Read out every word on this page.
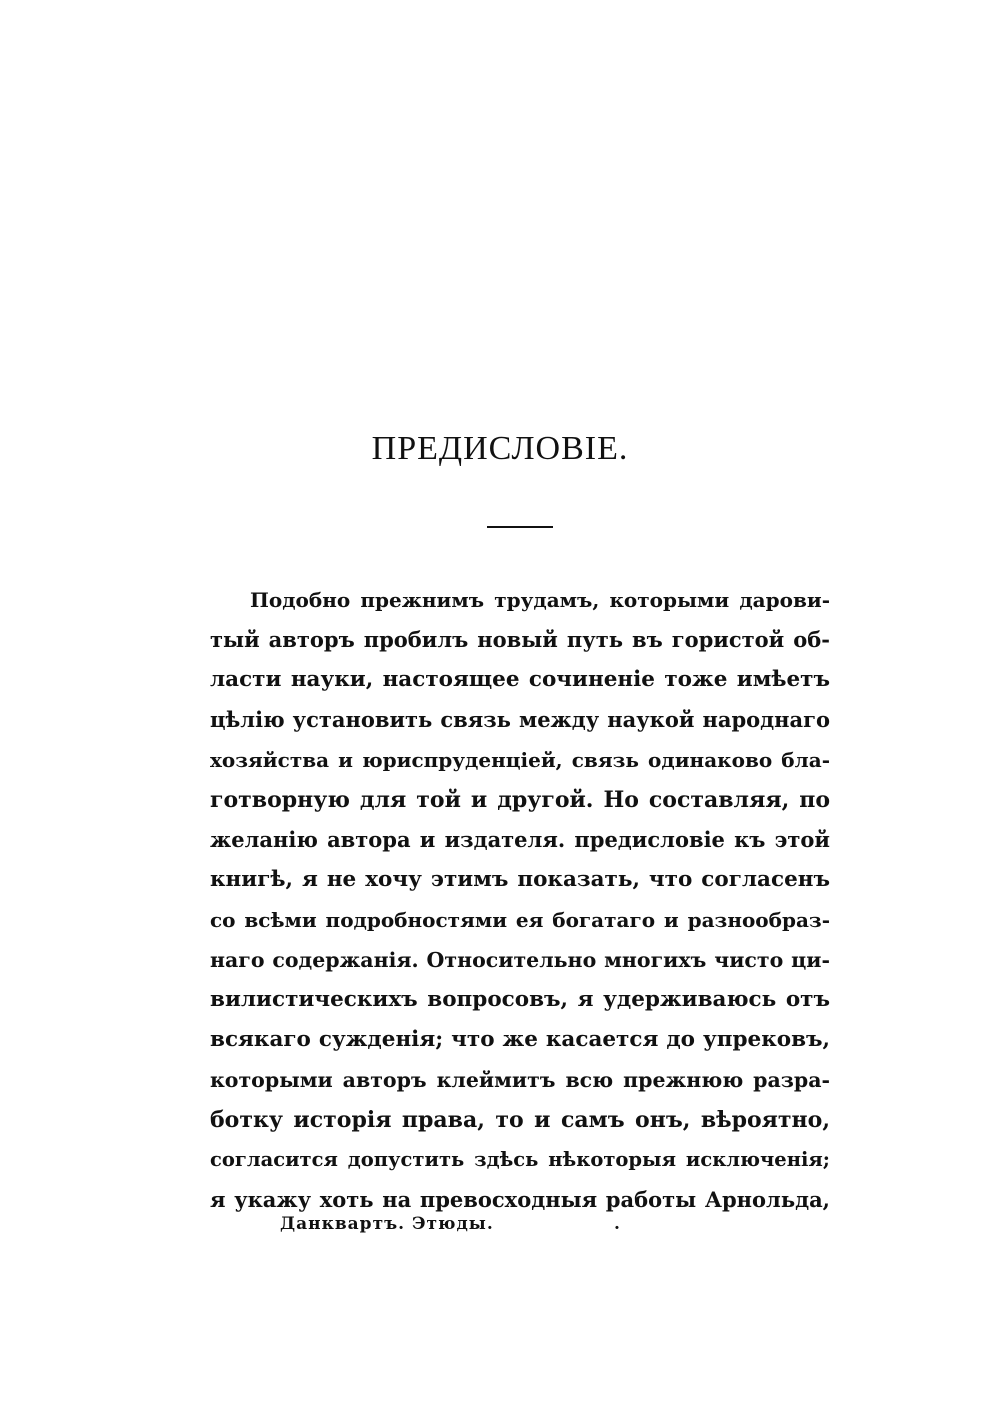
ПРЕДИСЛОВІЕ.
Подобно прежнимъ трудамъ, которыми дарови-
тый авторъ пробилъ новый путь въ гористой об-
ласти науки, настоящее сочиненіе тоже имѣетъ
цѣлію установить связь между наукой народнаго
хозяйства и юриспруденціей, связь одинаково бла-
готворную для той и другой. Но составляя, по
желанію автора и издателя. предисловіе къ этой
книгѣ, я не хочу этимъ показать, что согласенъ
со всѣми подробностями ея богатаго и разнообраз-
наго содержанія. Относительно многихъ чисто ци-
вилистическихъ вопросовъ, я удерживаюсь отъ
всякаго сужденія; что же касается до упрековъ,
которыми авторъ клеймитъ всю прежнюю разра-
ботку исторія права, то и самъ онъ, вѣроятно,
согласится допустить здѣсь нѣкоторыя исключенія;
я укажу хоть на превосходныя работы Арнольда,
Данквартъ. Этюды.	.
